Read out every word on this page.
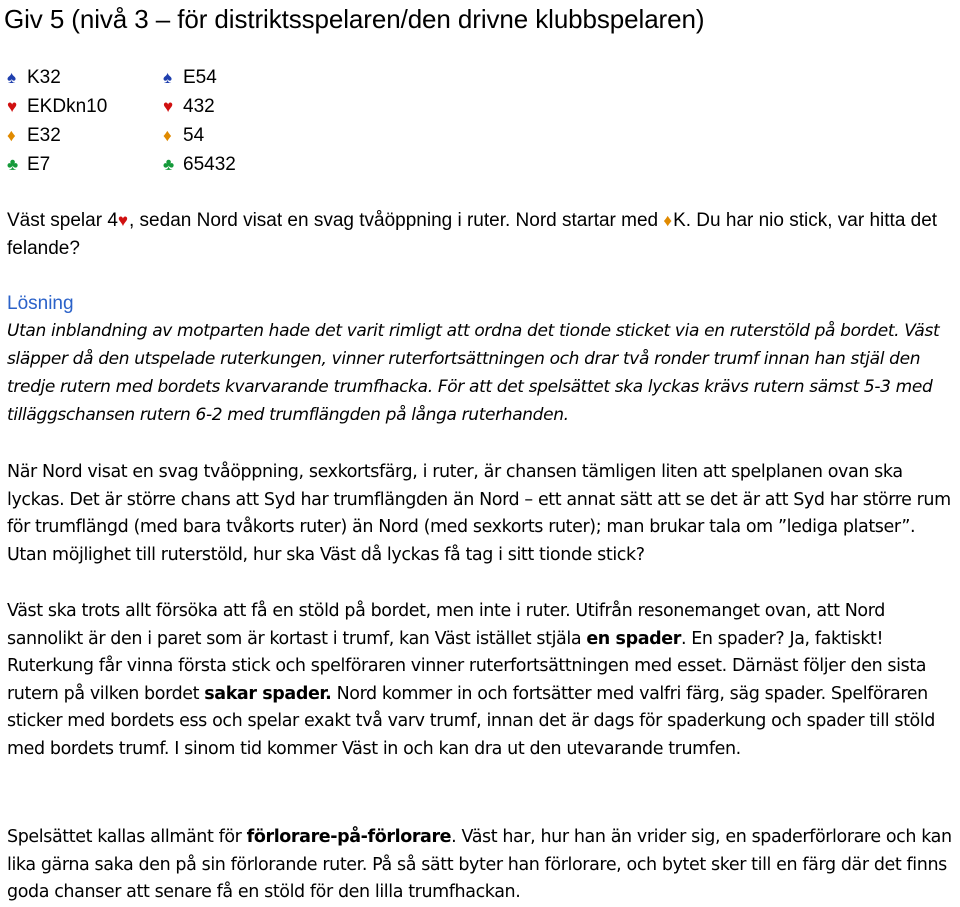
Giv 5 (nivå 3 – för distriktsspelaren/den drivne klubbspelaren)
♠ K32
♥ EKDkn10
♦ E32
♣ E7
♠ E54
♥ 432
♦ 54
♣ 65432
Väst spelar 4♥, sedan Nord visat en svag tvåöppning i ruter. Nord startar med ♦K. Du har nio stick, var hitta det felande?
Lösning

Utan inblandning av motparten hade det varit rimligt att ordna det tionde sticket via en ruterstöld på bordet. Väst släpper då den utspelade ruterkungen, vinner ruterfortsättningen och drar två ronder trumf innan han stjäl den tredje rutern med bordets kvarvarande trumfhacka. För att det spelsättet ska lyckas krävs rutern sämst 5-3 med tilläggschansen rutern 6-2 med trumflängden på långa ruterhanden.

När Nord visat en svag tvåöppning, sexkortsfärg, i ruter, är chansen tämligen liten att spelplanen ovan ska lyckas. Det är större chans att Syd har trumflängden än Nord – ett annat sätt att se det är att Syd har större rum för trumflängd (med bara tvåkorts ruter) än Nord (med sexkorts ruter); man brukar tala om ”lediga platser”. Utan möjlighet till ruterstöld, hur ska Väst då lyckas få tag i sitt tionde stick?

Väst ska trots allt försöka att få en stöld på bordet, men inte i ruter. Utifrån resonemanget ovan, att Nord sannolikt är den i paret som är kortast i trumf, kan Väst istället stjäla en spader. En spader? Ja, faktiskt! Ruterkung får vinna första stick och spelföraren vinner ruterfortsättningen med esset. Därnäst följer den sista rutern på vilken bordet sakar spader. Nord kommer in och fortsätter med valfri färg, säg spader. Spelföraren sticker med bordets ess och spelar exakt två varv trumf, innan det är dags för spaderkung och spader till stöld med bordets trumf. I sinom tid kommer Väst in och kan dra ut den utevarande trumfen.

Spelsättet kallas allmänt för förlorare-på-förlorare. Väst har, hur han än vrider sig, en spaderförlorare och kan lika gärna saka den på sin förlorande ruter. På så sätt byter han förlorare, och bytet sker till en färg där det finns goda chanser att senare få en stöld för den lilla trumfhackan.
